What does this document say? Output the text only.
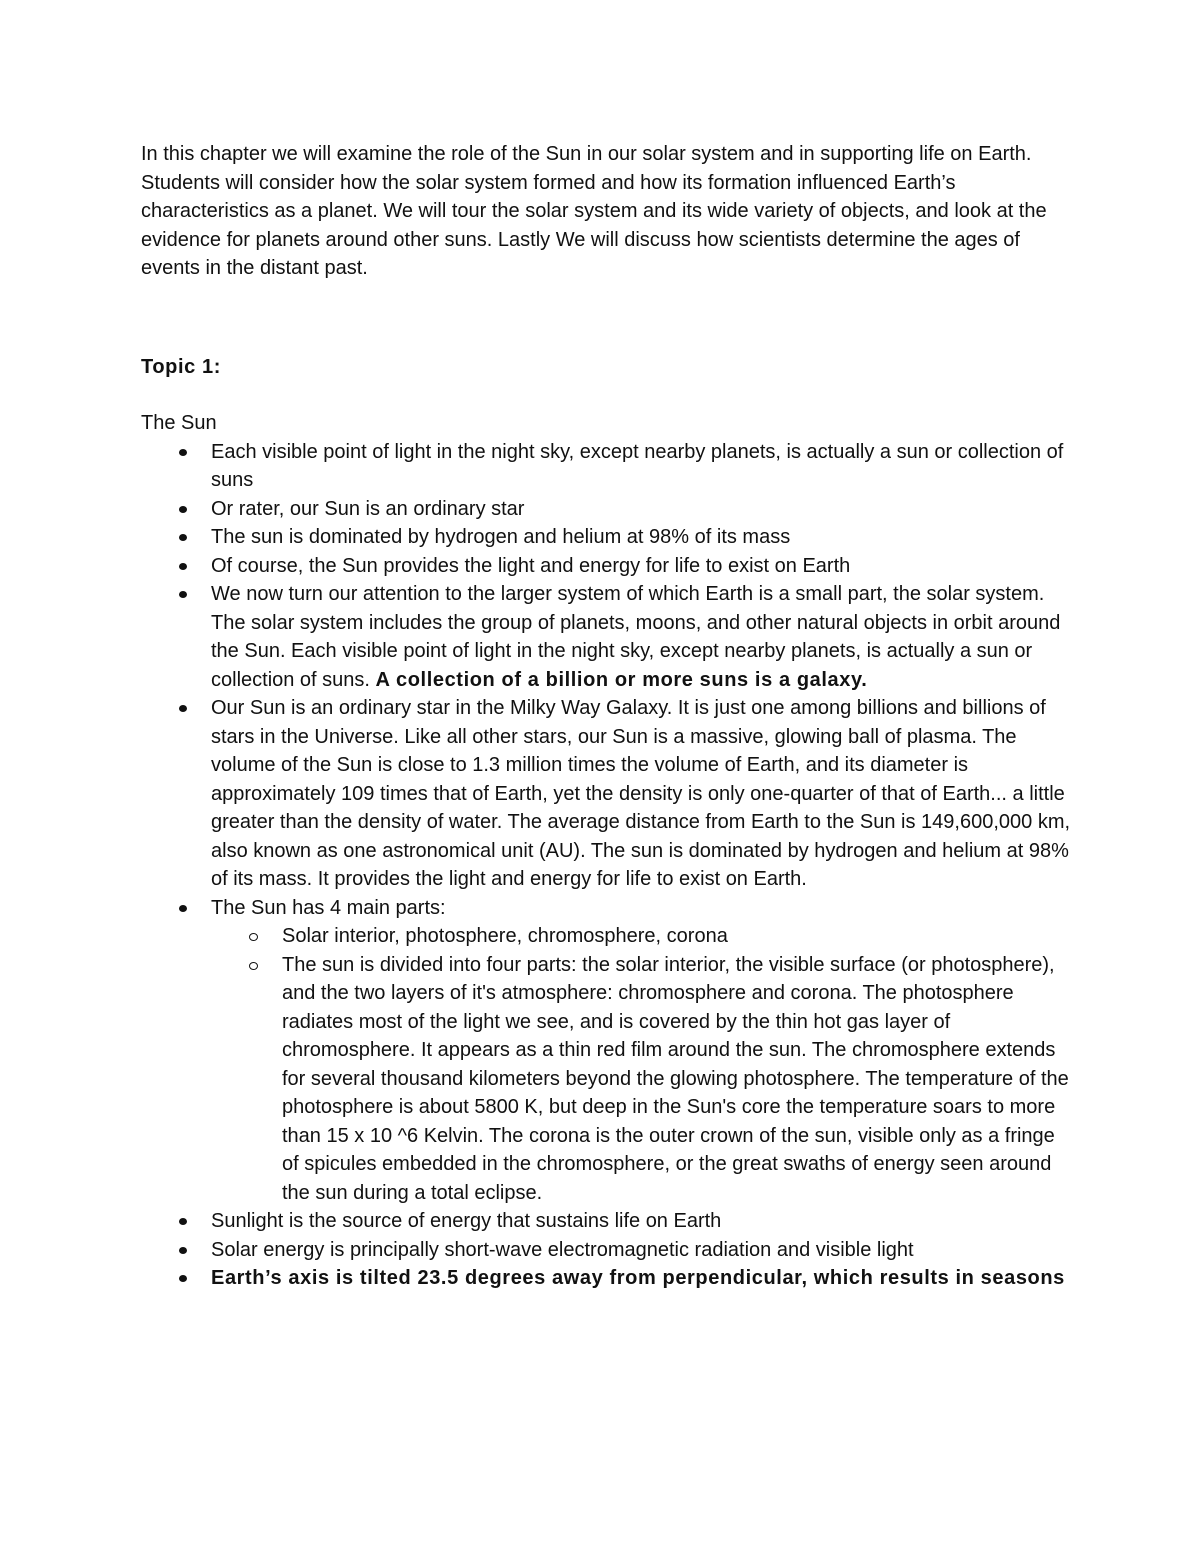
In this chapter we will examine the role of the Sun in our solar system and in supporting life on Earth. Students will consider how the solar system formed and how its formation influenced Earth’s characteristics as a planet. We will tour the solar system and its wide variety of objects, and look at the evidence for planets around other suns. Lastly We will discuss how scientists determine the ages of events in the distant past.

Topic 1:

The Sun

Each visible point of light in the night sky, except nearby planets, is actually a sun or collection of suns
Or rater, our Sun is an ordinary star
The sun is dominated by hydrogen and helium at 98% of its mass
Of course, the Sun provides the light and energy for life to exist on Earth
We now turn our attention to the larger system of which Earth is a small part, the solar system. The solar system includes the group of planets, moons, and other natural objects in orbit around the Sun. Each visible point of light in the night sky, except nearby planets, is actually a sun or collection of suns. A collection of a billion or more suns is a galaxy.
Our Sun is an ordinary star in the Milky Way Galaxy. It is just one among billions and billions of stars in the Universe. Like all other stars, our Sun is a massive, glowing ball of plasma. The volume of the Sun is close to 1.3 million times the volume of Earth, and its diameter is approximately 109 times that of Earth, yet the density is only one-quarter of that of Earth... a little greater than the density of water. The average distance from Earth to the Sun is 149,600,000 km, also known as one astronomical unit (AU). The sun is dominated by hydrogen and helium at 98% of its mass. It provides the light and energy for life to exist on Earth.
The Sun has 4 main parts:
Solar interior, photosphere, chromosphere, corona
The sun is divided into four parts: the solar interior, the visible surface (or photosphere), and the two layers of it's atmosphere: chromosphere and corona. The photosphere radiates most of the light we see, and is covered by the thin hot gas layer of chromosphere. It appears as a thin red film around the sun. The chromosphere extends for several thousand kilometers beyond the glowing photosphere. The temperature of the photosphere is about 5800 K, but deep in the Sun's core the temperature soars to more than 15 x 10 ^6 Kelvin. The corona is the outer crown of the sun, visible only as a fringe of spicules embedded in the chromosphere, or the great swaths of energy seen around the sun during a total eclipse.
Sunlight is the source of energy that sustains life on Earth
Solar energy is principally short-wave electromagnetic radiation and visible light
Earth’s axis is tilted 23.5 degrees away from perpendicular, which results in seasons
